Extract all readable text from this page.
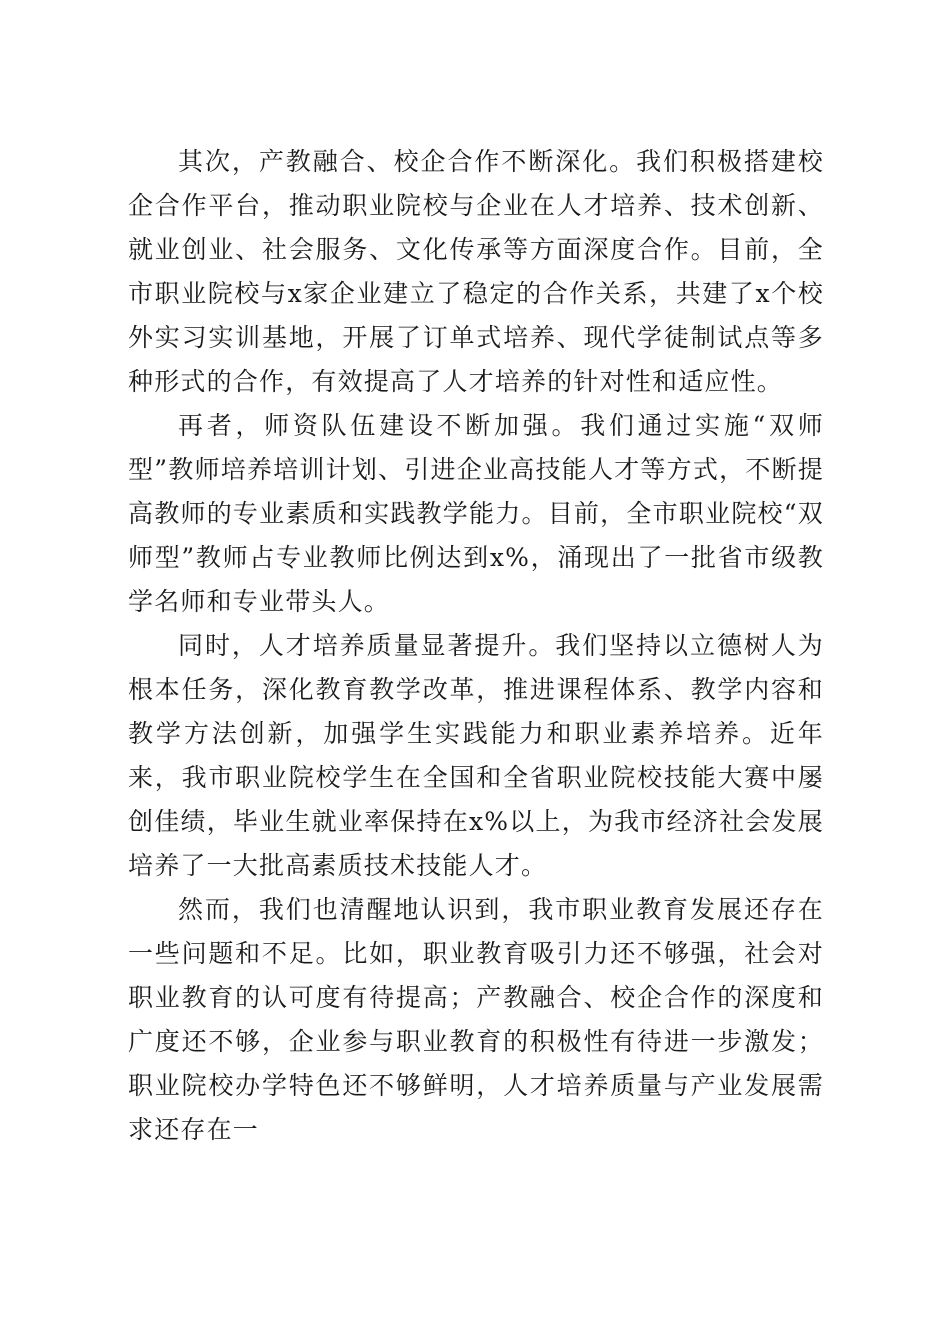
其次，产教融合、校企合作不断深化。我们积极搭建校企合作平台，推动职业院校与企业在人才培养、技术创新、就业创业、社会服务、文化传承等方面深度合作。目前，全市职业院校与x家企业建立了稳定的合作关系，共建了x个校外实习实训基地，开展了订单式培养、现代学徒制试点等多种形式的合作，有效提高了人才培养的针对性和适应性。

再者，师资队伍建设不断加强。我们通过实施“双师型”教师培养培训计划、引进企业高技能人才等方式，不断提高教师的专业素质和实践教学能力。目前，全市职业院校“双师型”教师占专业教师比例达到x%，涌现出了一批省市级教学名师和专业带头人。

同时，人才培养质量显著提升。我们坚持以立德树人为根本任务，深化教育教学改革，推进课程体系、教学内容和教学方法创新，加强学生实践能力和职业素养培养。近年来，我市职业院校学生在全国和全省职业院校技能大赛中屡创佳绩，毕业生就业率保持在x%以上，为我市经济社会发展培养了一大批高素质技术技能人才。

然而，我们也清醒地认识到，我市职业教育发展还存在一些问题和不足。比如，职业教育吸引力还不够强，社会对职业教育的认可度有待提高；产教融合、校企合作的深度和广度还不够，企业参与职业教育的积极性有待进一步激发；职业院校办学特色还不够鲜明，人才培养质量与产业发展需求还存在一
